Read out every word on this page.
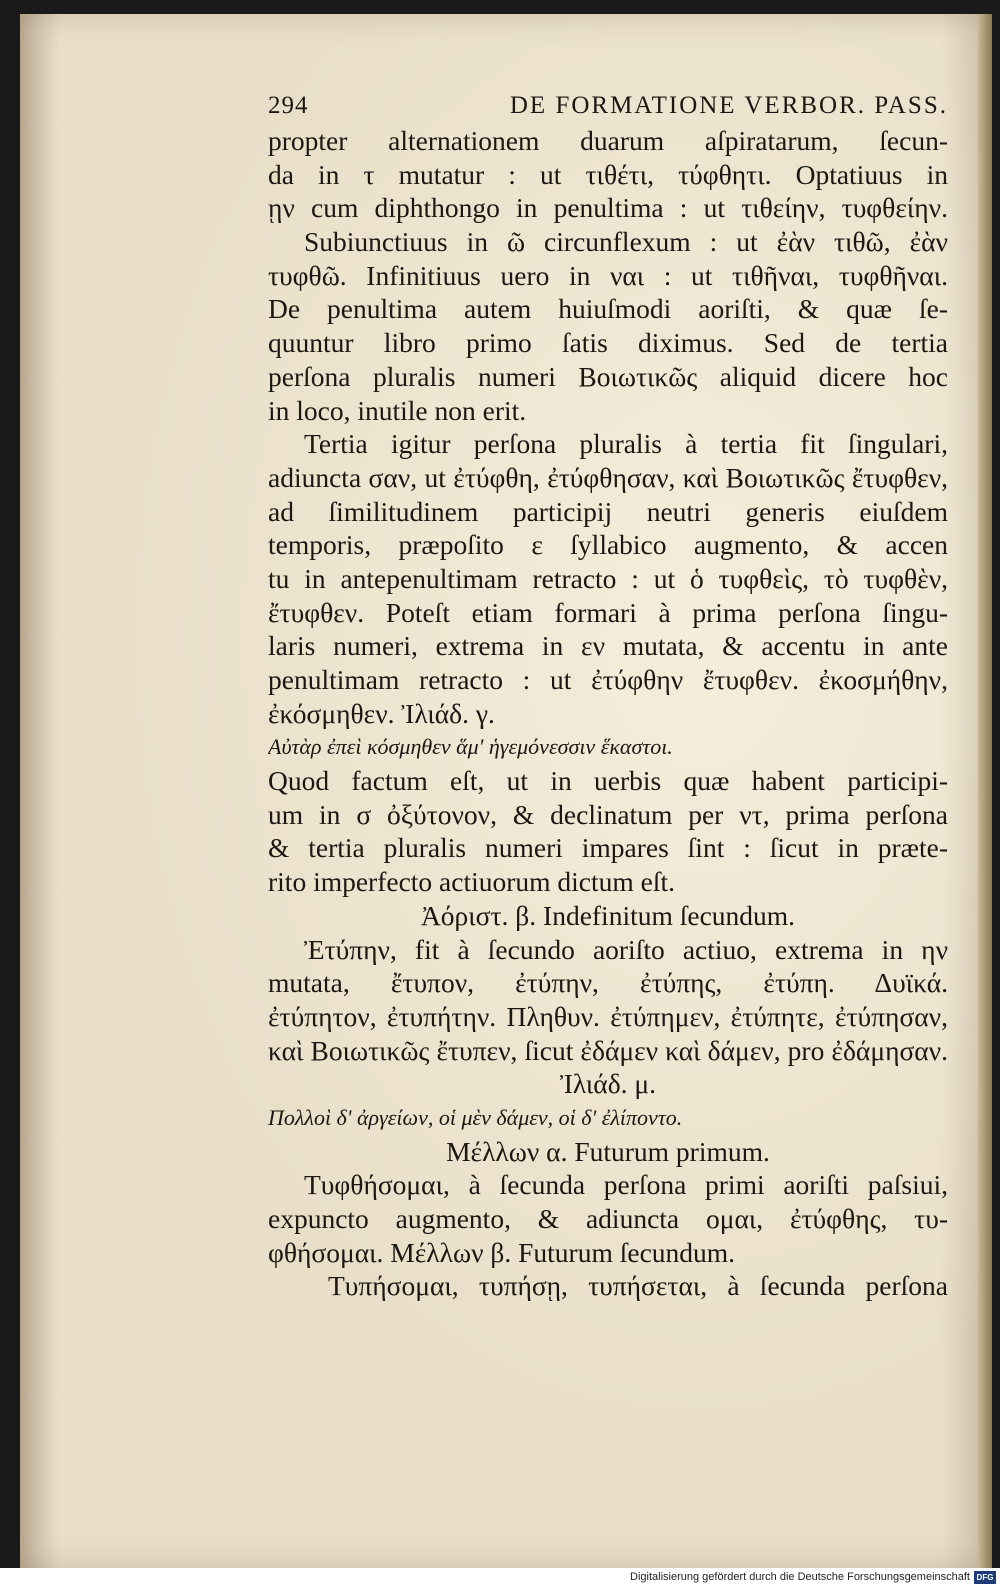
294	DE FORMATIONE VERBOR. PASS.
propter alternationem duarum aſpiratarum, ſecun-
da in τ mutatur : ut τιθέτι, τύφθητι. Optatiuus in
ῃν cum diphthongo in penultima : ut τιθείην, τυφθείην.
Subiunctiuus in ῶ circunflexum : ut ἐὰν τιθῶ, ἐὰν
τυφθῶ. Infinitiuus uero in ναι : ut τιθῆναι, τυφθῆναι.
De penultima autem huiuſmodi aoriſti, & quæ ſe-
quuntur libro primo ſatis diximus. Sed de tertia
perſona pluralis numeri Βοιωτικῶς aliquid dicere hoc
in loco, inutile non erit.
Tertia igitur perſona pluralis à tertia fit ſingulari,
adiuncta σαν, ut ἐτύφθη, ἐτύφθησαν, καὶ Βοιωτικῶς ἔτυφθεν,
ad ſimilitudinem participij neutri generis eiuſdem
temporis, præpoſito ε ſyllabico augmento, & accen
tu in antepenultimam retracto : ut ὁ τυφθεὶς, τὸ τυφθὲν,
ἔτυφθεν. Poteſt etiam formari à prima perſona ſingu-
laris numeri, extrema in εν mutata, & accentu in ante
penultimam retracto : ut ἐτύφθην ἔτυφθεν. ἐκοσμήθην,
ἐκόσμηθεν. Ἰλιάδ. γ.
Αὐτὰρ ἐπεὶ κόσμηθεν ἅμ' ἡγεμόνεσσιν ἕκαστοι.
Quod factum eſt, ut in uerbis quæ habent participi-
um in σ ὀξύτονον, & declinatum per ντ, prima perſona
& tertia pluralis numeri impares ſint : ſicut in præte-
rito imperfecto actiuorum dictum eſt.
Ἀόριστ. β. Indefinitum ſecundum.
Ἐτύπην, fit à ſecundo aoriſto actiuo, extrema in ην
mutata, ἔτυπον, ἐτύπην, ἐτύπης, ἐτύπη. Δυϊκά.
ἐτύπητον, ἐτυπήτην. Πληθυν. ἐτύπημεν, ἐτύπητε, ἐτύπησαν,
καὶ Βοιωτικῶς ἔτυπεν, ſicut ἐδάμεν καὶ δάμεν, pro ἐδάμησαν.
Ἰλιάδ. μ.
Πολλοὶ δ' ἀργείων, οἱ μὲν δάμεν, οἱ δ' ἐλίποντο.
Μέλλων α. Futurum primum.
Τυφθήσομαι, à ſecunda perſona primi aoriſti paſsiui,
expuncto augmento, & adiuncta ομαι, ἐτύφθης, τυ-
φθήσομαι. Μέλλων β. Futurum ſecundum.
Τυπήσομαι, τυπήσῃ, τυπήσεται, à ſecunda perſona
Digitalisierung gefördert durch die Deutsche Forschungsgemeinschaft DFG
